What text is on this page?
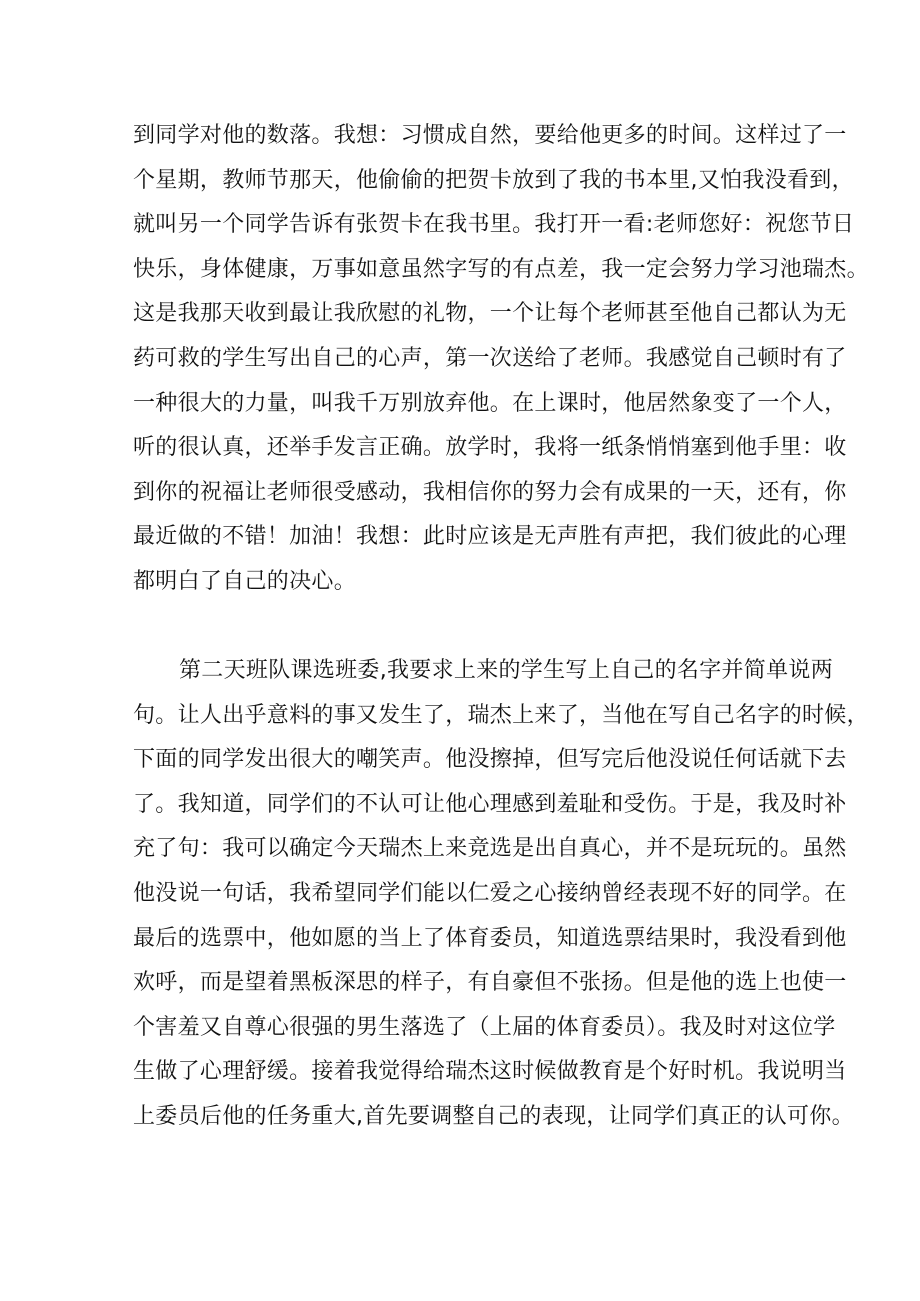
到同学对他的数落。我想：习惯成自然，要给他更多的时间。这样过了一
个星期，教师节那天，他偷偷的把贺卡放到了我的书本里,又怕我没看到，
就叫另一个同学告诉有张贺卡在我书里。我打开一看:老师您好：祝您节日
快乐，身体健康，万事如意虽然字写的有点差，我一定会努力学习池瑞杰。
这是我那天收到最让我欣慰的礼物，一个让每个老师甚至他自己都认为无
药可救的学生写出自己的心声，第一次送给了老师。我感觉自己顿时有了
一种很大的力量，叫我千万别放弃他。在上课时，他居然象变了一个人，
听的很认真，还举手发言正确。放学时，我将一纸条悄悄塞到他手里：收
到你的祝福让老师很受感动，我相信你的努力会有成果的一天，还有，你
最近做的不错！加油！我想：此时应该是无声胜有声把，我们彼此的心理
都明白了自己的决心。
第二天班队课选班委,我要求上来的学生写上自己的名字并简单说两
句。让人出乎意料的事又发生了，瑞杰上来了，当他在写自己名字的时候，
下面的同学发出很大的嘲笑声。他没擦掉，但写完后他没说任何话就下去
了。我知道，同学们的不认可让他心理感到羞耻和受伤。于是，我及时补
充了句：我可以确定今天瑞杰上来竞选是出自真心，并不是玩玩的。虽然
他没说一句话，我希望同学们能以仁爱之心接纳曾经表现不好的同学。在
最后的选票中，他如愿的当上了体育委员，知道选票结果时，我没看到他
欢呼，而是望着黑板深思的样子，有自豪但不张扬。但是他的选上也使一
个害羞又自尊心很强的男生落选了（上届的体育委员）。我及时对这位学
生做了心理舒缓。接着我觉得给瑞杰这时候做教育是个好时机。我说明当
上委员后他的任务重大,首先要调整自己的表现，让同学们真正的认可你。
